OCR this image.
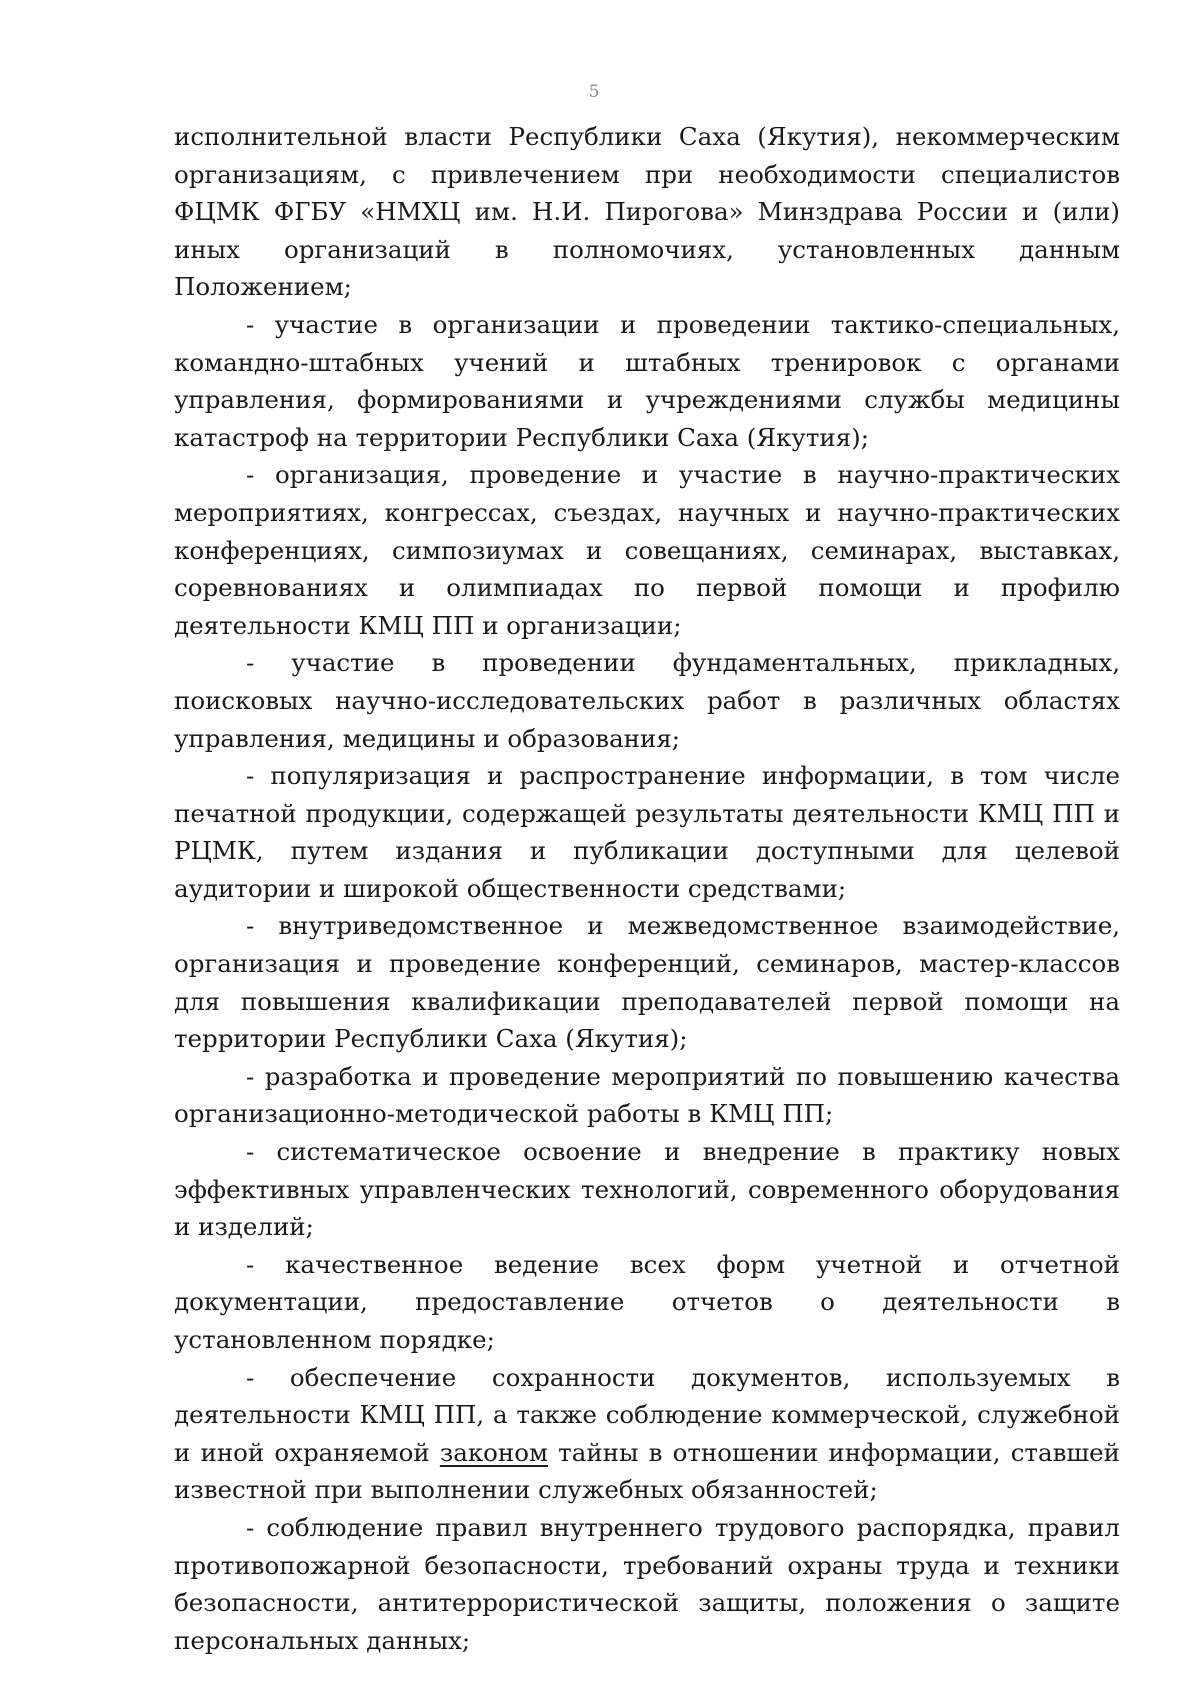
5

исполнительной власти Республики Саха (Якутия), некоммерческим организациям, с привлечением при необходимости специалистов ФЦМК ФГБУ «НМХЦ им. Н.И. Пирогова» Минздрава России и (или) иных организаций в полномочиях, установленных данным Положением;

- участие в организации и проведении тактико-специальных, командно-штабных учений и штабных тренировок с органами управления, формированиями и учреждениями службы медицины катастроф на территории Республики Саха (Якутия);

- организация, проведение и участие в научно-практических мероприятиях, конгрессах, съездах, научных и научно-практических конференциях, симпозиумах и совещаниях, семинарах, выставках, соревнованиях и олимпиадах по первой помощи и профилю деятельности КМЦ ПП и организации;

- участие в проведении фундаментальных, прикладных, поисковых научно-исследовательских работ в различных областях управления, медицины и образования;

- популяризация и распространение информации, в том числе печатной продукции, содержащей результаты деятельности КМЦ ПП и РЦМК, путем издания и публикации доступными для целевой аудитории и широкой общественности средствами;

- внутриведомственное и межведомственное взаимодействие, организация и проведение конференций, семинаров, мастер-классов для повышения квалификации преподавателей первой помощи на территории Республики Саха (Якутия);

- разработка и проведение мероприятий по повышению качества организационно-методической работы в КМЦ ПП;

- систематическое освоение и внедрение в практику новых эффективных управленческих технологий, современного оборудования и изделий;

- качественное ведение всех форм учетной и отчетной документации, предоставление отчетов о деятельности в установленном порядке;

- обеспечение сохранности документов, используемых в деятельности КМЦ ПП, а также соблюдение коммерческой, служебной и иной охраняемой законом тайны в отношении информации, ставшей известной при выполнении служебных обязанностей;

- соблюдение правил внутреннего трудового распорядка, правил противопожарной безопасности, требований охраны труда и техники безопасности, антитеррористической защиты, положения о защите персональных данных;
